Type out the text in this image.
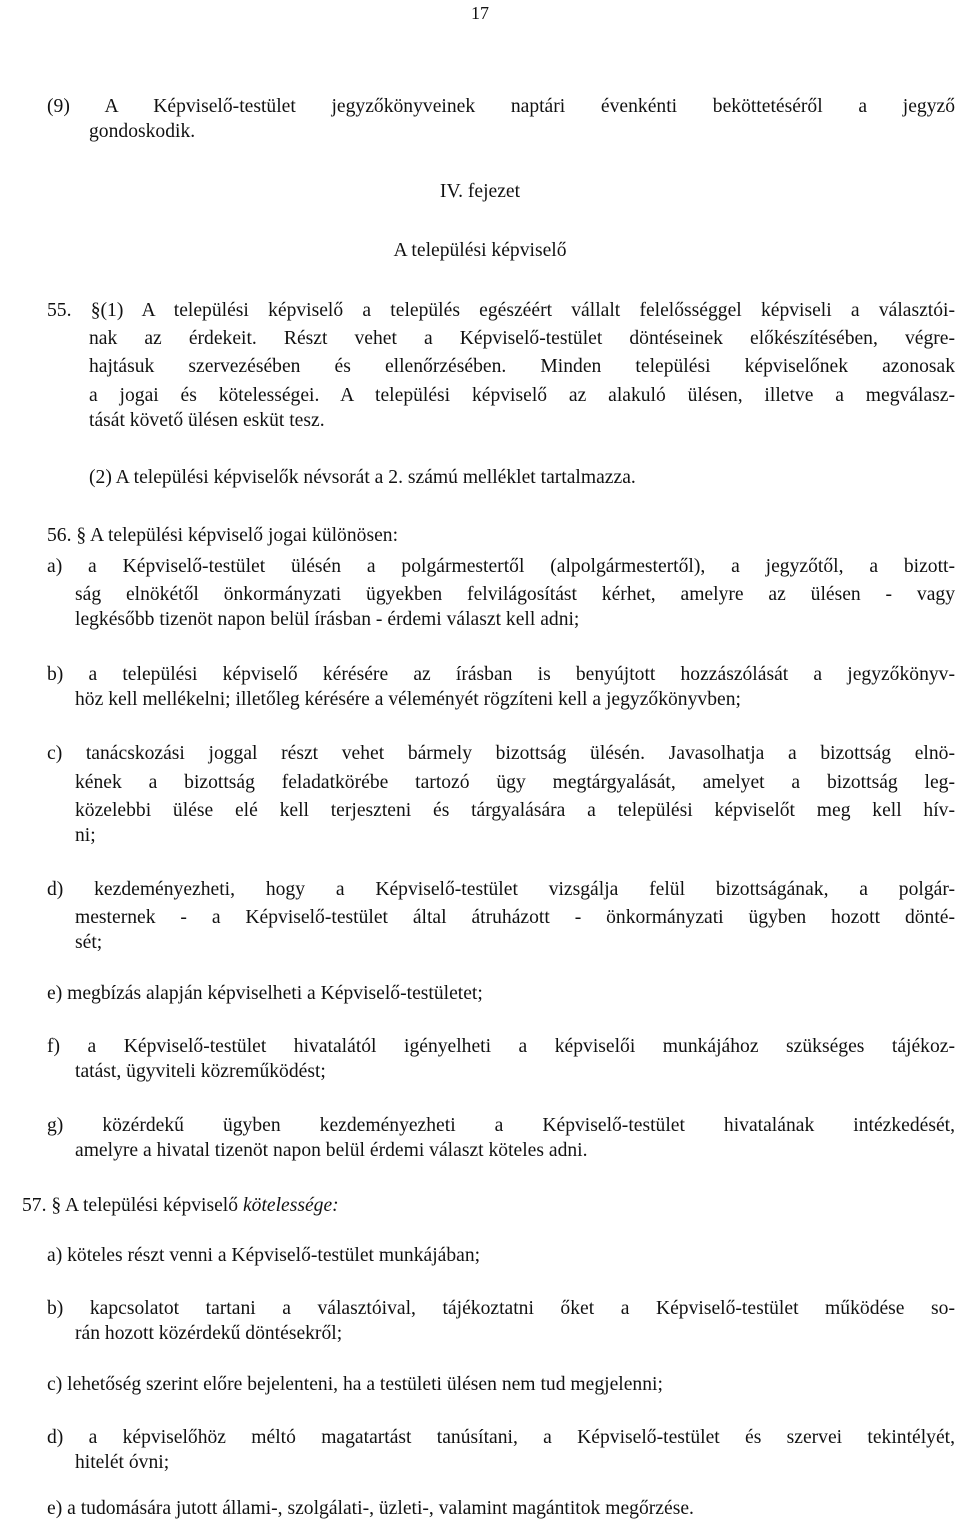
17
(9) A Képviselő-testület jegyzőkönyveinek naptári évenkénti beköttetéséről a jegyző
gondoskodik.
IV. fejezet
A települési képviselő
55. §(1) A települési képviselő a település egészéért vállalt felelősséggel képviseli a választói-
nak az érdekeit. Részt vehet a Képviselő-testület döntéseinek előkészítésében, végre-
hajtásuk szervezésében és ellenőrzésében. Minden települési képviselőnek azonosak
a jogai és kötelességei. A települési képviselő az alakuló ülésen, illetve a megválasz-
tását követő ülésen esküt tesz.
(2) A települési képviselők névsorát a 2. számú melléklet tartalmazza.
56. § A települési képviselő jogai különösen:
a) a Képviselő-testület ülésén a polgármestertől (alpolgármestertől), a jegyzőtől, a bizott-
ság elnökétől önkormányzati ügyekben felvilágosítást kérhet, amelyre az ülésen - vagy
legkésőbb tizenöt napon belül írásban - érdemi választ kell adni;
b) a települési képviselő kérésére az írásban is benyújtott hozzászólását a jegyzőkönyv-
höz kell mellékelni; illetőleg kérésére a véleményét rögzíteni kell a jegyzőkönyvben;
c) tanácskozási joggal részt vehet bármely bizottság ülésén. Javasolhatja a bizottság elnö-
kének a bizottság feladatkörébe tartozó ügy megtárgyalását, amelyet a bizottság leg-
közelebbi ülése elé kell terjeszteni és tárgyalására a települési képviselőt meg kell hív-
ni;
d) kezdeményezheti, hogy a Képviselő-testület vizsgálja felül bizottságának, a polgár-
mesternek - a Képviselő-testület által átruházott - önkormányzati ügyben hozott dönté-
sét;
e) megbízás alapján képviselheti a Képviselő-testületet;
f) a Képviselő-testület hivatalától igényelheti a képviselői munkájához szükséges tájékoz-
tatást, ügyviteli közreműködést;
g) közérdekű ügyben kezdeményezheti a Képviselő-testület hivatalának intézkedését,
amelyre a hivatal tizenöt napon belül érdemi választ köteles adni.
57. § A települési képviselő kötelessége:
a) köteles részt venni a Képviselő-testület munkájában;
b) kapcsolatot tartani a választóival, tájékoztatni őket a Képviselő-testület működése so-
rán hozott közérdekű döntésekről;
c) lehetőség szerint előre bejelenteni, ha a testületi ülésen nem tud megjelenni;
d) a képviselőhöz méltó magatartást tanúsítani, a Képviselő-testület és szervei tekintélyét,
hitelét óvni;
e) a tudomására jutott állami-, szolgálati-, üzleti-, valamint magántitok megőrzése.
